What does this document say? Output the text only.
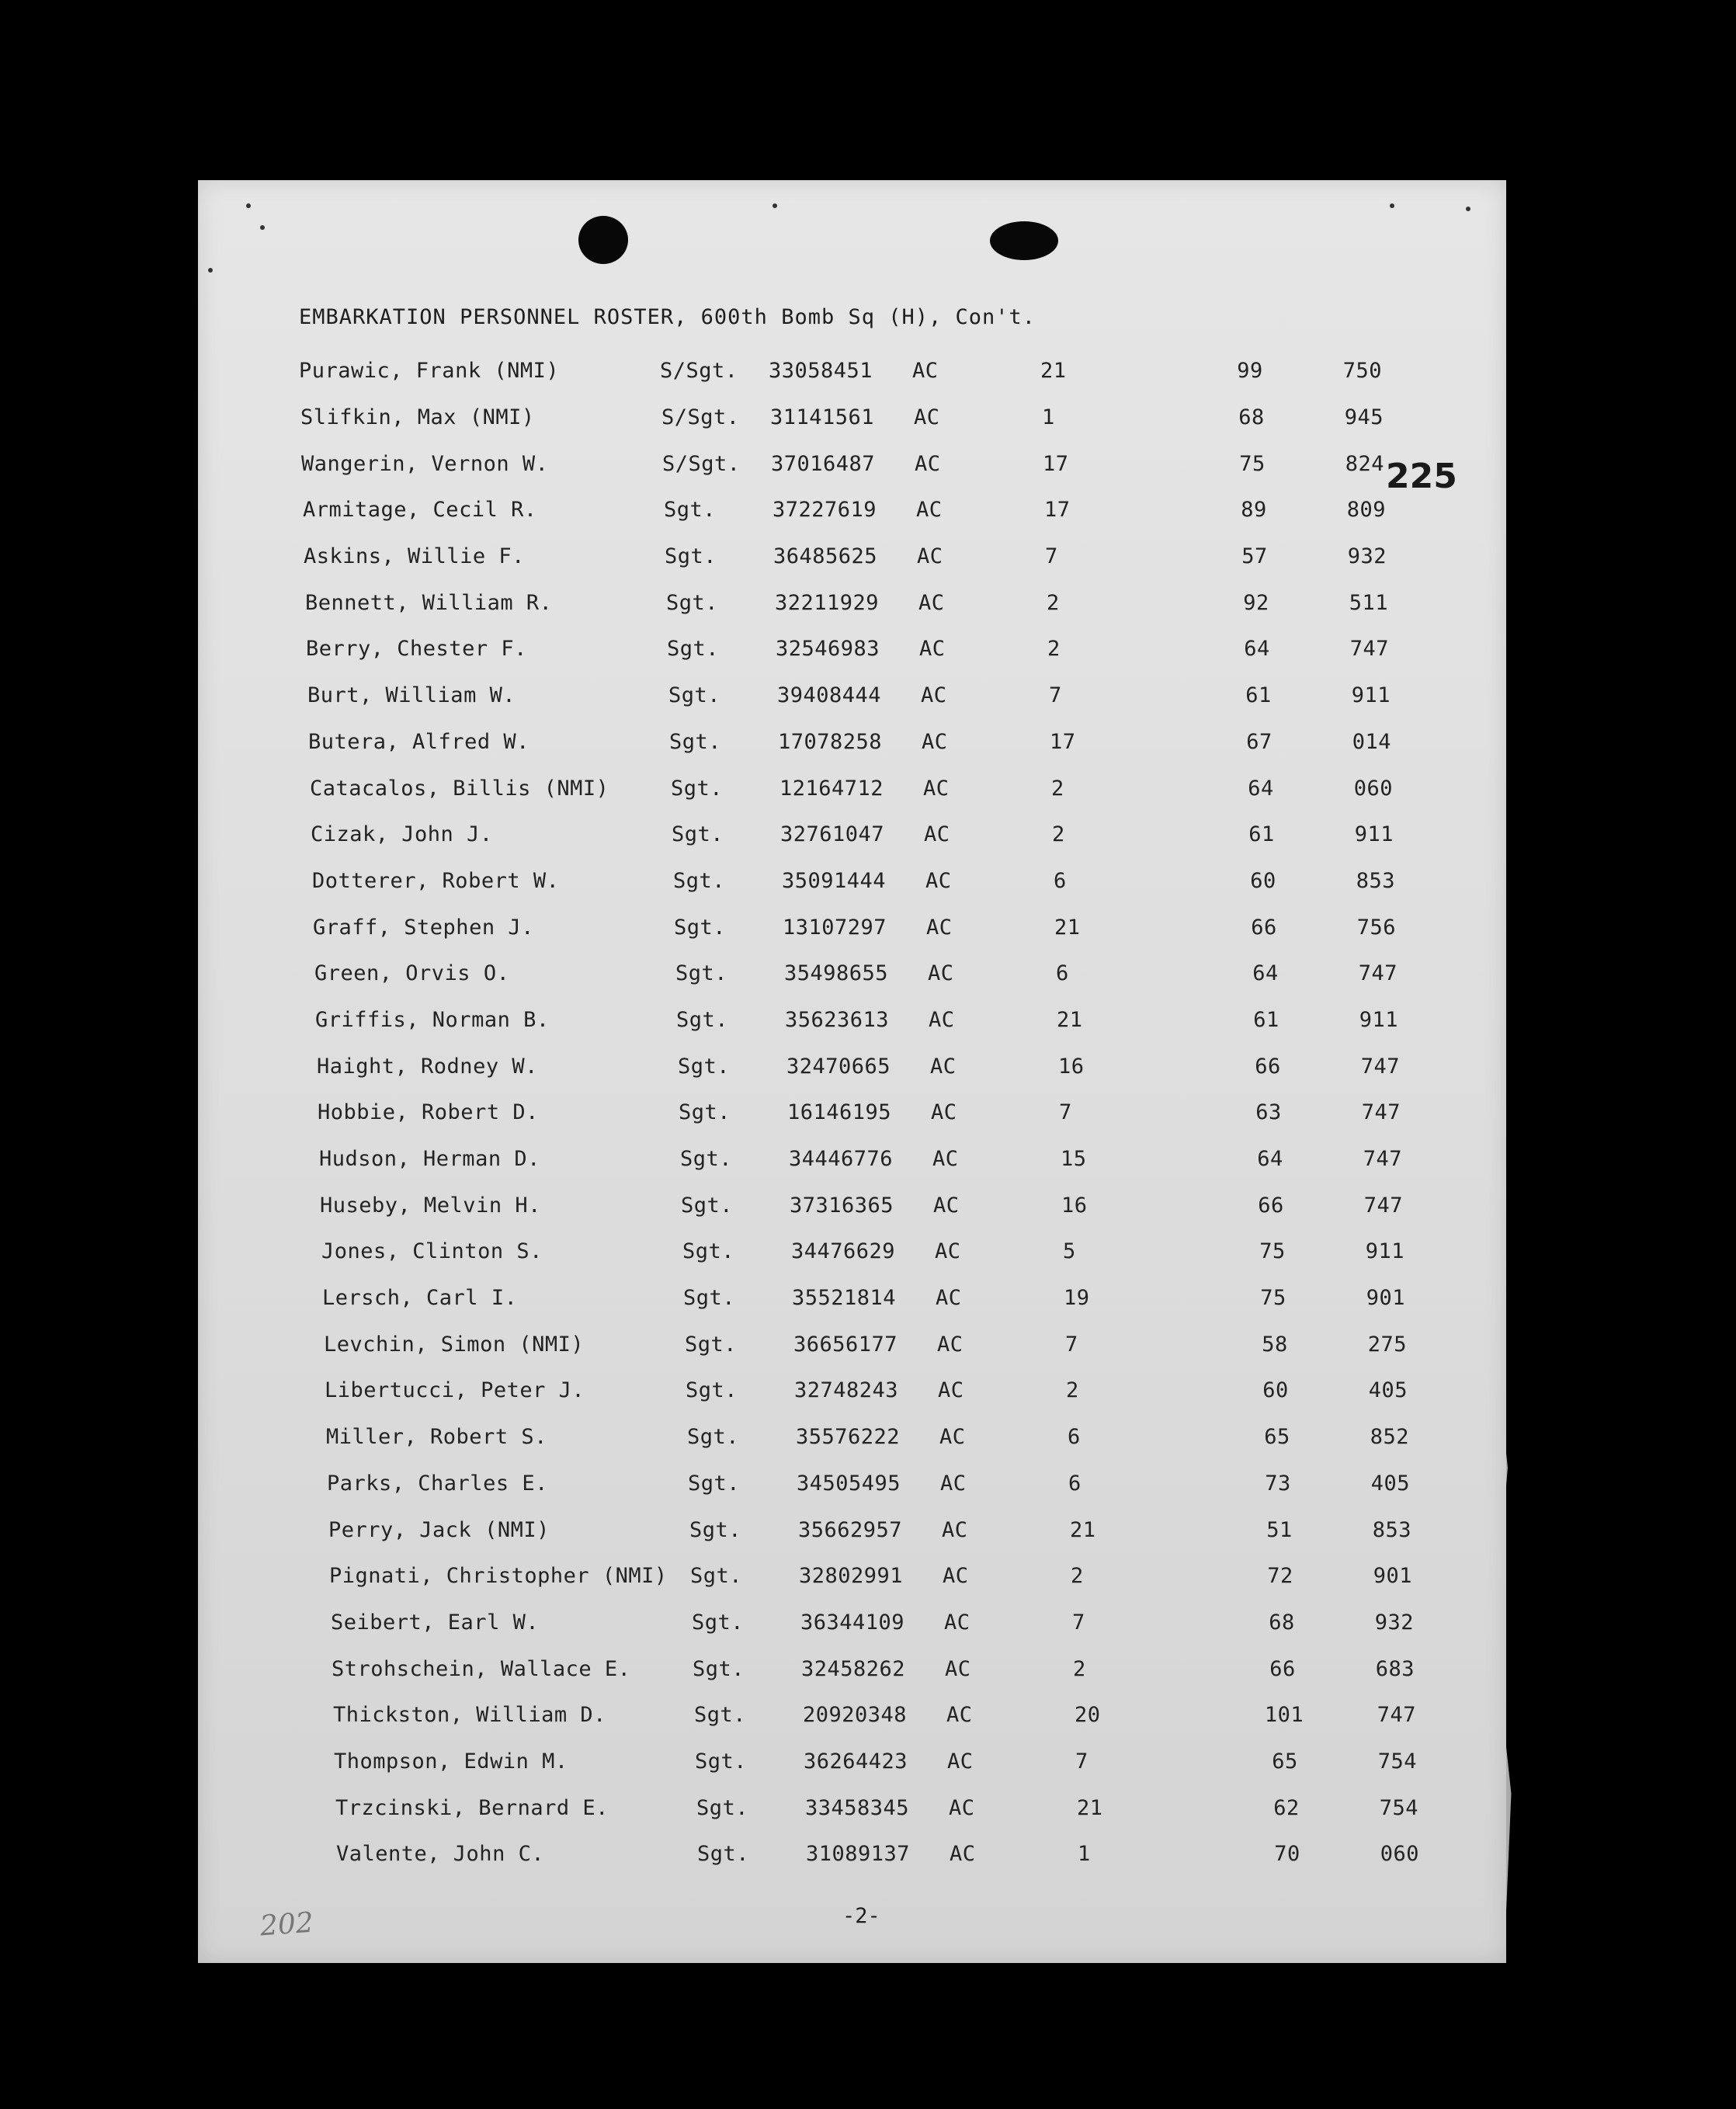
EMBARKATION PERSONNEL ROSTER, 600th Bomb Sq (H), Con't.
225
Purawic, Frank (NMI)	S/Sgt.	33058451	AC	21	99	750
Slifkin, Max (NMI)	S/Sgt.	31141561	AC	1	68	945
Wangerin, Vernon W.	S/Sgt.	37016487	AC	17	75	824
Armitage, Cecil R.	Sgt.	37227619	AC	17	89	809
Askins, Willie F.	Sgt.	36485625	AC	7	57	932
Bennett, William R.	Sgt.	32211929	AC	2	92	511
Berry, Chester F.	Sgt.	32546983	AC	2	64	747
Burt, William W.	Sgt.	39408444	AC	7	61	911
Butera, Alfred W.	Sgt.	17078258	AC	17	67	014
Catacalos, Billis (NMI)	Sgt.	12164712	AC	2	64	060
Cizak, John J.	Sgt.	32761047	AC	2	61	911
Dotterer, Robert W.	Sgt.	35091444	AC	6	60	853
Graff, Stephen J.	Sgt.	13107297	AC	21	66	756
Green, Orvis O.	Sgt.	35498655	AC	6	64	747
Griffis, Norman B.	Sgt.	35623613	AC	21	61	911
Haight, Rodney W.	Sgt.	32470665	AC	16	66	747
Hobbie, Robert D.	Sgt.	16146195	AC	7	63	747
Hudson, Herman D.	Sgt.	34446776	AC	15	64	747
Huseby, Melvin H.	Sgt.	37316365	AC	16	66	747
Jones, Clinton S.	Sgt.	34476629	AC	5	75	911
Lersch, Carl I.	Sgt.	35521814	AC	19	75	901
Levchin, Simon (NMI)	Sgt.	36656177	AC	7	58	275
Libertucci, Peter J.	Sgt.	32748243	AC	2	60	405
Miller, Robert S.	Sgt.	35576222	AC	6	65	852
Parks, Charles E.	Sgt.	34505495	AC	6	73	405
Perry, Jack (NMI)	Sgt.	35662957	AC	21	51	853
Pignati, Christopher (NMI)	Sgt.	32802991	AC	2	72	901
Seibert, Earl W.	Sgt.	36344109	AC	7	68	932
Strohschein, Wallace E.	Sgt.	32458262	AC	2	66	683
Thickston, William D.	Sgt.	20920348	AC	20	101	747
Thompson, Edwin M.	Sgt.	36264423	AC	7	65	754
Trzcinski, Bernard E.	Sgt.	33458345	AC	21	62	754
Valente, John C.	Sgt.	31089137	AC	1	70	060
-2-
202
